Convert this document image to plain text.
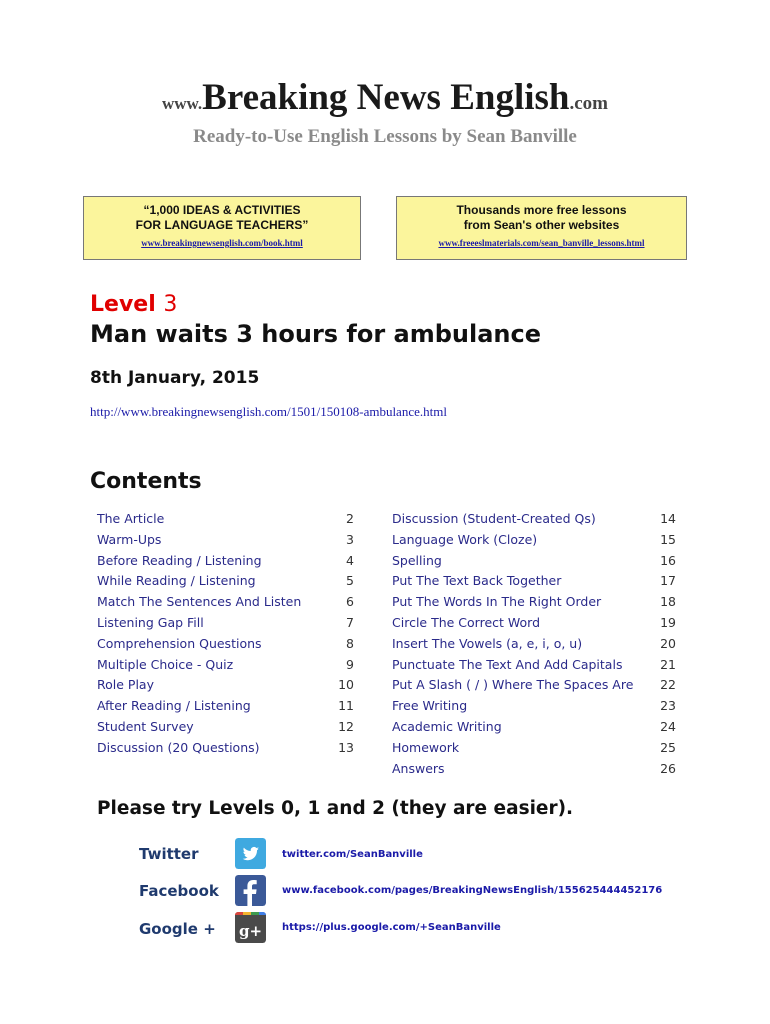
www.Breaking News English.com
Ready-to-Use English Lessons by Sean Banville
“1,000 IDEAS & ACTIVITIES
FOR LANGUAGE TEACHERS”
www.breakingnewsenglish.com/book.html
Thousands more free lessons
from Sean's other websites
www.freeeslmaterials.com/sean_banville_lessons.html
Level 3
Man waits 3 hours for ambulance
8th January, 2015
http://www.breakingnewsenglish.com/1501/150108-ambulance.html
Contents
The Article	2
Warm-Ups	3
Before Reading / Listening	4
While Reading / Listening	5
Match The Sentences And Listen	6
Listening Gap Fill	7
Comprehension Questions	8
Multiple Choice - Quiz	9
Role Play	10
After Reading / Listening	11
Student Survey	12
Discussion (20 Questions)	13
Discussion (Student-Created Qs)	14
Language Work (Cloze)	15
Spelling	16
Put The Text Back Together	17
Put The Words In The Right Order	18
Circle The Correct Word	19
Insert The Vowels (a, e, i, o, u)	20
Punctuate The Text And Add Capitals	21
Put A Slash ( / ) Where The Spaces Are 22
Free Writing	23
Academic Writing	24
Homework	25
Answers	26
Please try Levels 0, 1 and 2 (they are easier).
Twitter	twitter.com/SeanBanville
Facebook	www.facebook.com/pages/BreakingNewsEnglish/155625444452176
Google + g+ https://plus.google.com/+SeanBanville
